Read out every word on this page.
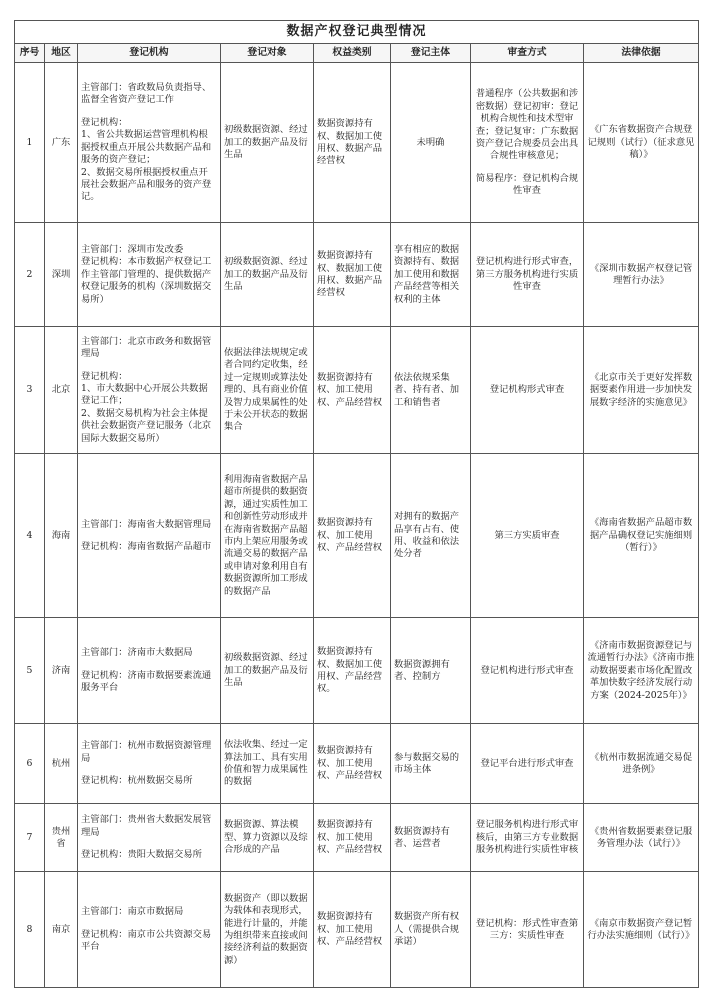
数据产权登记典型情况							
序号	地区	登记机构	登记对象	权益类别	登记主体	审查方式	法律依据
1	广东	主管部门：省政数局负责指导、监督全省资产登记工作
登记机构：
1、省公共数据运营管理机构根据授权重点开展公共数据产品和服务的资产登记；
2、数据交易所根据授权重点开展社会数据产品和服务的资产登记。	初级数据资源、经过加工的数据产品及衍生品	数据资源持有权、数据加工使用权、数据产品经营权	未明确	普通程序（公共数据和涉密数据）登记初审：登记机构合规性和技术型审查；登记复审：广东数据资产登记合规委员会出具合规性审核意见；
简易程序：登记机构合规性审查	《广东省数据资产合规登记规则（试行）（征求意见稿）》
2	深圳	主管部门：深圳市发改委
登记机构：本市数据产权登记工作主管部门管理的、提供数据产权登记服务的机构（深圳数据交易所）	初级数据资源、经过加工的数据产品及衍生品	数据资源持有权、数据加工使用权、数据产品经营权	享有相应的数据资源持有、数据加工使用和数据产品经营等相关权利的主体	登记机构进行形式审查，第三方服务机构进行实质性审查	《深圳市数据产权登记管理暂行办法》
3	北京	主管部门：北京市政务和数据管理局
登记机构：
1、市大数据中心开展公共数据登记工作；
2、数据交易机构为社会主体提供社会数据资产登记服务（北京国际大数据交易所）	依据法律法规规定或者合同约定收集，经过一定规则或算法处理的、具有商业价值及智力成果属性的处于未公开状态的数据集合	数据资源持有权、加工使用权、产品经营权	依法依规采集者、持有者、加工和销售者	登记机构形式审查	《北京市关于更好发挥数据要素作用进一步加快发展数字经济的实施意见》
4	海南	主管部门：海南省大数据管理局
登记机构：海南省数据产品超市	利用海南省数据产品超市所提供的数据资源，通过实质性加工和创新性劳动形成并在海南省数据产品超市内上架应用服务或流通交易的数据产品或申请对象利用自有数据资源所加工形成的数据产品	数据资源持有权、加工使用权、产品经营权	对拥有的数据产品享有占有、使用、收益和依法处分者	第三方实质审查	《海南省数据产品超市数据产品确权登记实施细则（暂行）》
5	济南	主管部门：济南市大数据局
登记机构：济南市数据要素流通服务平台	初级数据资源、经过加工的数据产品及衍生品	数据资源持有权、数据加工使用权、产品经营权。	数据资源拥有者、控制方	登记机构进行形式审查	《济南市数据资源登记与流通暂行办法》《济南市推动数据要素市场化配置改革加快数字经济发展行动方案（2024-2025年）》
6	杭州	主管部门：杭州市数据资源管理局
登记机构：杭州数据交易所	依法收集、经过一定算法加工、具有实用价值和智力成果属性的数据	数据资源持有权、加工使用权、产品经营权	参与数据交易的市场主体	登记平台进行形式审查	《杭州市数据流通交易促进条例》
7	贵州省	主管部门：贵州省大数据发展管理局
登记机构：贵阳大数据交易所	数据资源、算法模型、算力资源以及综合形成的产品	数据资源持有权、加工使用权、产品经营权	数据资源持有者、运营者	登记服务机构进行形式审核后，由第三方专业数据服务机构进行实质性审核	《贵州省数据要素登记服务管理办法（试行）》
8	南京	主管部门：南京市数据局
登记机构：南京市公共资源交易平台	数据资产（即以数据为载体和表现形式，能进行计量的，并能为组织带来直接或间接经济利益的数据资源）	数据资源持有权、加工使用权、产品经营权	数据资产所有权人（需提供合规承诺）	登记机构：形式性审查第三方：实质性审查	《南京市数据资产登记暂行办法实施细则（试行）》
